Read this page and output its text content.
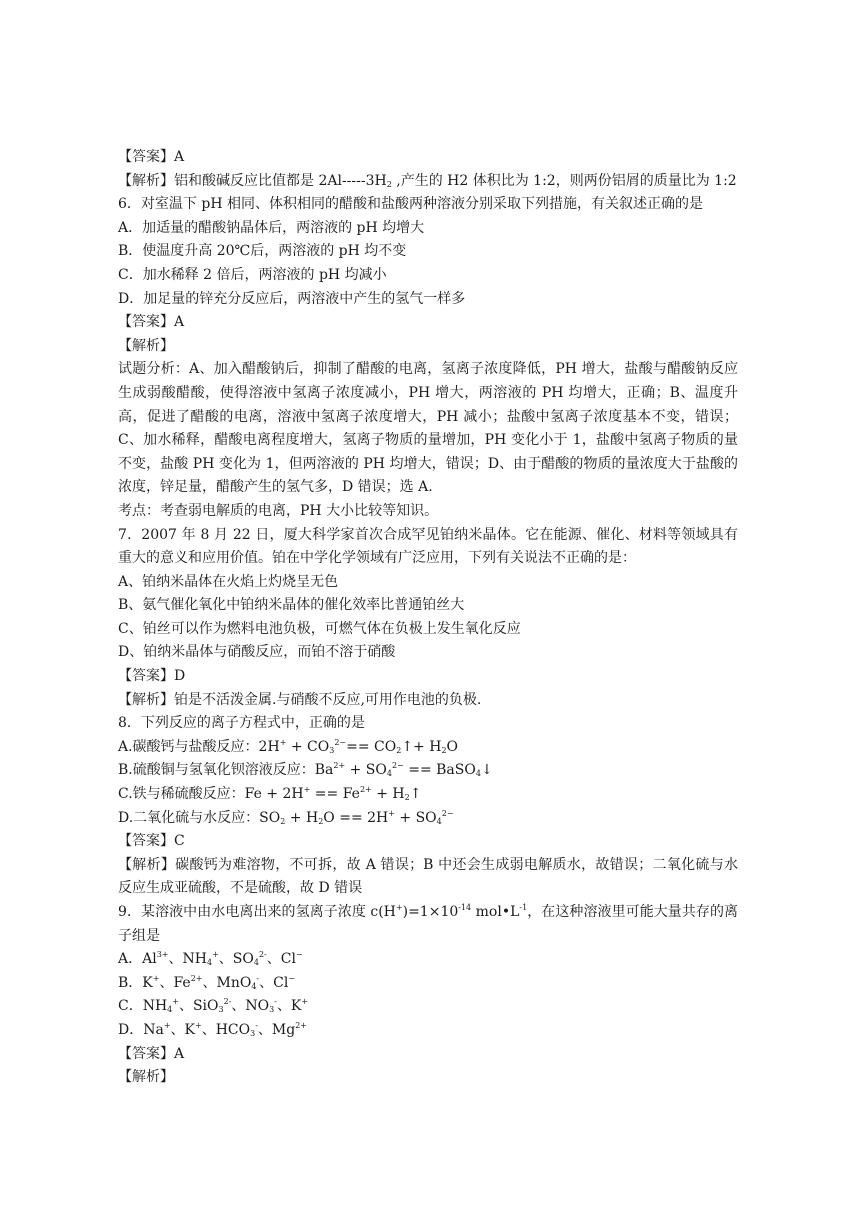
【答案】A
【解析】铝和酸碱反应比值都是 $2Al-----3H_2$ ,产生的 H2 体积比为 1:2，则两份铝屑的质量比为 1:2
6．对室温下 pH 相同、体积相同的醋酸和盐酸两种溶液分别采取下列措施，有关叙述正确的是
A．加适量的醋酸钠晶体后，两溶液的 pH 均增大
B．使温度升高 20℃后，两溶液的 pH 均不变
C．加水稀释 2 倍后，两溶液的 pH 均减小
D．加足量的锌充分反应后，两溶液中产生的氢气一样多
【答案】A
【解析】
试题分析：A、加入醋酸钠后，抑制了醋酸的电离，氢离子浓度降低，PH 增大，盐酸与醋酸钠反应生成弱酸醋酸，使得溶液中氢离子浓度减小，PH 增大，两溶液的 PH 均增大，正确；B、温度升高，促进了醋酸的电离，溶液中氢离子浓度增大，PH 减小；盐酸中氢离子浓度基本不变，错误；C、加水稀释，醋酸电离程度增大，氢离子物质的量增加，PH 变化小于 1，盐酸中氢离子物质的量不变，盐酸 PH 变化为 1，但两溶液的 PH 均增大，错误；D、由于醋酸的物质的量浓度大于盐酸的浓度，锌足量，醋酸产生的氢气多，D 错误；选 A.
考点：考查弱电解质的电离，PH 大小比较等知识。
7．2007 年 8 月 22 日，厦大科学家首次合成罕见铂纳米晶体。它在能源、催化、材料等领域具有重大的意义和应用价值。铂在中学化学领域有广泛应用，下列有关说法不正确的是：
A、铂纳米晶体在火焰上灼烧呈无色
B、氨气催化氧化中铂纳米晶体的催化效率比普通铂丝大
C、铂丝可以作为燃料电池负极，可燃气体在负极上发生氧化反应
D、铂纳米晶体与硝酸反应，而铂不溶于硝酸
【答案】D
【解析】铂是不活泼金属.与硝酸不反应,可用作电池的负极.
8．下列反应的离子方程式中，正确的是
A.碳酸钙与盐酸反应：$2H^+ + CO_3^{2-}==$ $CO_2↑+ H_2O$
B.硫酸铜与氢氧化钡溶液反应：$Ba^{2+} + SO_4^{2-}$ == BaSO$_4$↓
C.铁与稀硫酸反应：$Fe + 2H^+ == Fe^{2+}$ + $H_2↑$
D.二氧化硫与水反应：$SO_2 + H_2O == 2H^+ + SO_4^{2-}$
【答案】C
【解析】碳酸钙为难溶物，不可拆，故 A 错误；B 中还会生成弱电解质水，故错误；二氧化硫与水反应生成亚硫酸，不是硫酸，故 D 错误
9．某溶液中由水电离出来的氢离子浓度 $c(H^+)=1\times 10^{-14}$ $mol•L^{-1}$，在这种溶液里可能大量共存的离子组是
A．$Al^{3+}$、$NH_4^+$、$SO_4^{2-}$、Cl−
B．K+、$Fe^{2+}$、MnO$_4$-、Cl−
C．$NH_4^+$、SiO$_3^{2-}$、$NO_3^-$、K+
D．Na+、K+、$HCO_3^-$、$Mg^{2+}$
【答案】A
【解析】
